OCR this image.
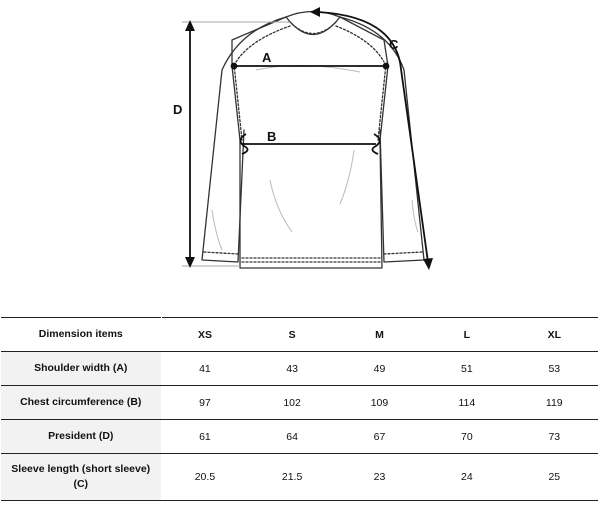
A
B
D
C
Dimension items	XS	S	M	L	XL
Shoulder width (A)	41	43	49	51	53
Chest circumference (B)	97	102	109	114	119
President (D)	61	64	67	70	73
Sleeve length (short sleeve) (C)	20.5	21.5	23	24	25
